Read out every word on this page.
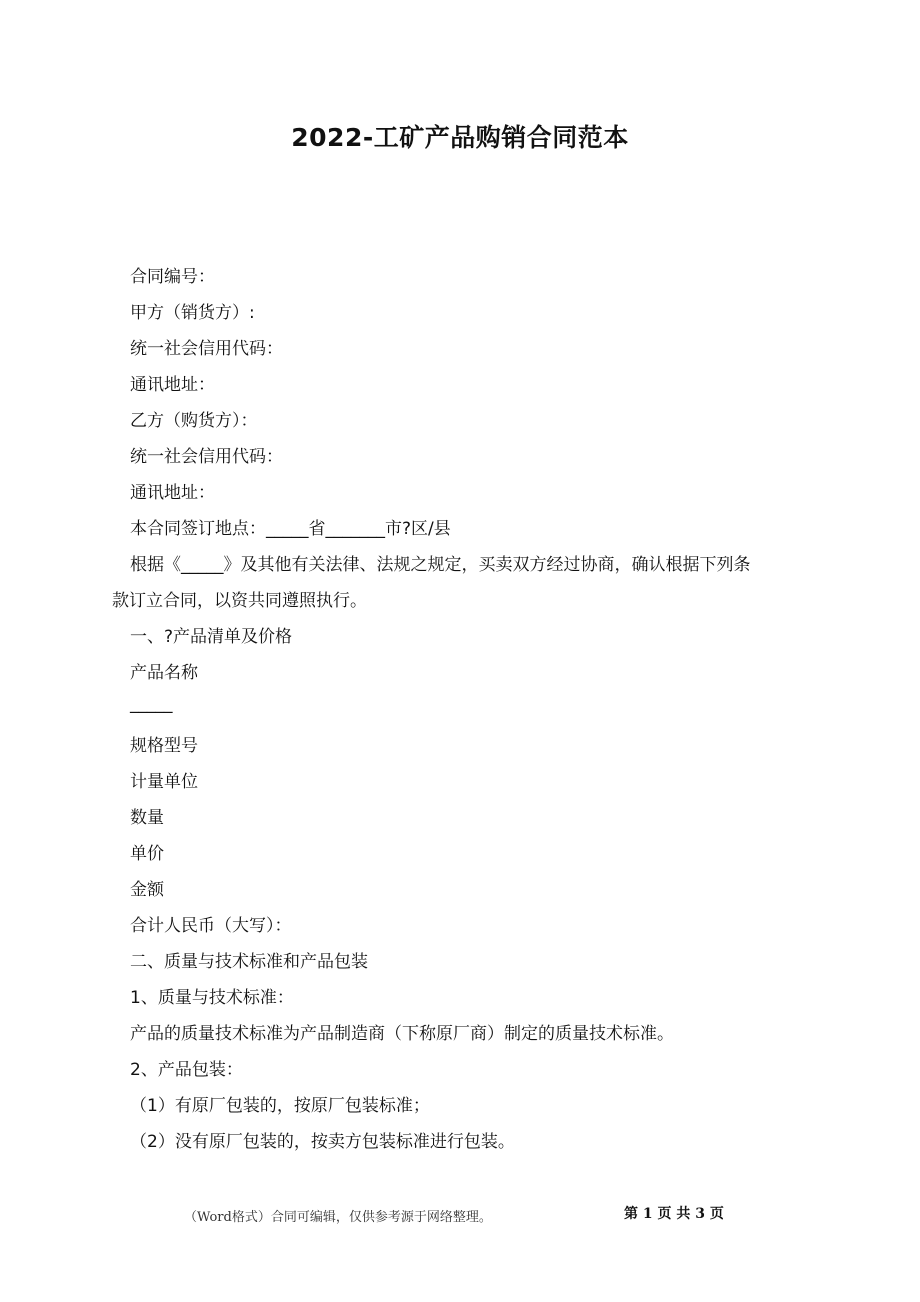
2022-工矿产品购销合同范本
合同编号：
甲方（销货方）:
统一社会信用代码：
通讯地址：
乙方（购货方）：
统一社会信用代码：
通讯地址：
本合同签订地点：_____省_______市?区/县
根据《_____》及其他有关法律、法规之规定，买卖双方经过协商，确认根据下列条
款订立合同，以资共同遵照执行。
一、?产品清单及价格
产品名称
_____
规格型号
计量单位
数量
单价
金额
合计人民币（大写）：
二、质量与技术标准和产品包装
1、质量与技术标准：
产品的质量技术标准为产品制造商（下称原厂商）制定的质量技术标准。
2、产品包装：
（1）有原厂包装的，按原厂包装标准；
（2）没有原厂包装的，按卖方包装标准进行包装。
（Word格式）合同可编辑，仅供参考源于网络整理。	第 1 页 共 3 页
